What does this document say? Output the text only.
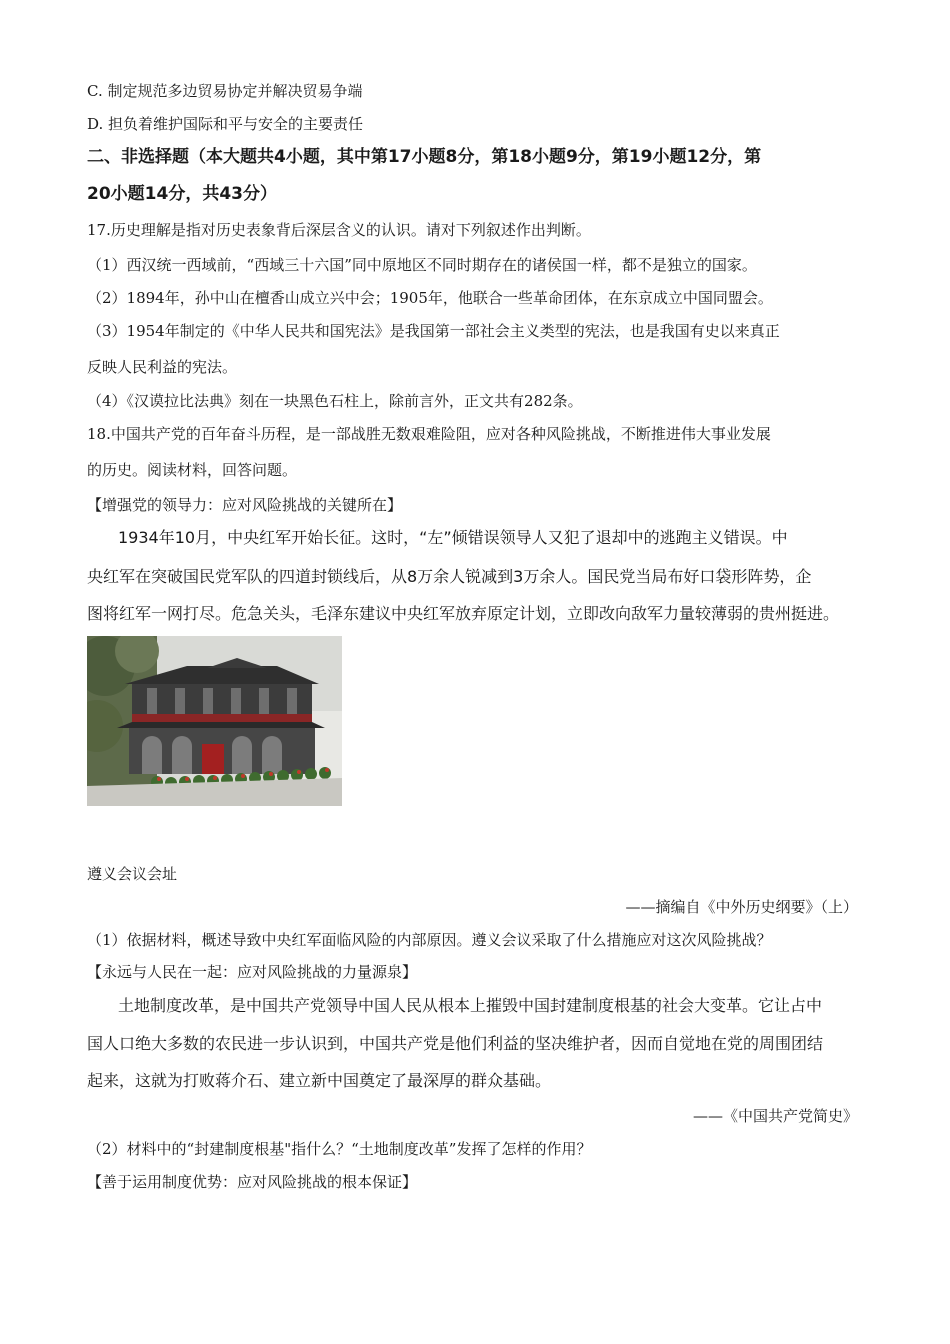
C. 制定规范多边贸易协定并解决贸易争端
D. 担负着维护国际和平与安全的主要责任
二、非选择题（本大题共4小题，其中第17小题8分，第18小题9分，第19小题12分，第
20小题14分，共43分）
17.历史理解是指对历史表象背后深层含义的认识。请对下列叙述作出判断。
（1）西汉统一西域前，“西域三十六国”同中原地区不同时期存在的诸侯国一样，都不是独立的国家。
（2）1894年，孙中山在檀香山成立兴中会；1905年，他联合一些革命团体，在东京成立中国同盟会。
（3）1954年制定的《中华人民共和国宪法》是我国第一部社会主义类型的宪法，也是我国有史以来真正
反映人民利益的宪法。
（4）《汉谟拉比法典》刻在一块黑色石柱上，除前言外，正文共有282条。
18.中国共产党的百年奋斗历程，是一部战胜无数艰难险阻，应对各种风险挑战，不断推进伟大事业发展
的历史。阅读材料，回答问题。
【增强党的领导力：应对风险挑战的关键所在】
1934年10月，中央红军开始长征。这时，“左”倾错误领导人又犯了退却中的逃跑主义错误。中
央红军在突破国民党军队的四道封锁线后，从8万余人锐减到3万余人。国民党当局布好口袋形阵势，企
图将红军一网打尽。危急关头，毛泽东建议中央红军放弃原定计划，立即改向敌军力量较薄弱的贵州挺进。
遵义会议会址
——摘编自《中外历史纲要》（上）
（1）依据材料，概述导致中央红军面临风险的内部原因。遵义会议采取了什么措施应对这次风险挑战？
【永远与人民在一起：应对风险挑战的力量源泉】
土地制度改革，是中国共产党领导中国人民从根本上摧毁中国封建制度根基的社会大变革。它让占中
国人口绝大多数的农民进一步认识到，中国共产党是他们利益的坚决维护者，因而自觉地在党的周围团结
起来，这就为打败蒋介石、建立新中国奠定了最深厚的群众基础。
——《中国共产党简史》
（2）材料中的“封建制度根基"指什么？“土地制度改革”发挥了怎样的作用？
【善于运用制度优势：应对风险挑战的根本保证】
